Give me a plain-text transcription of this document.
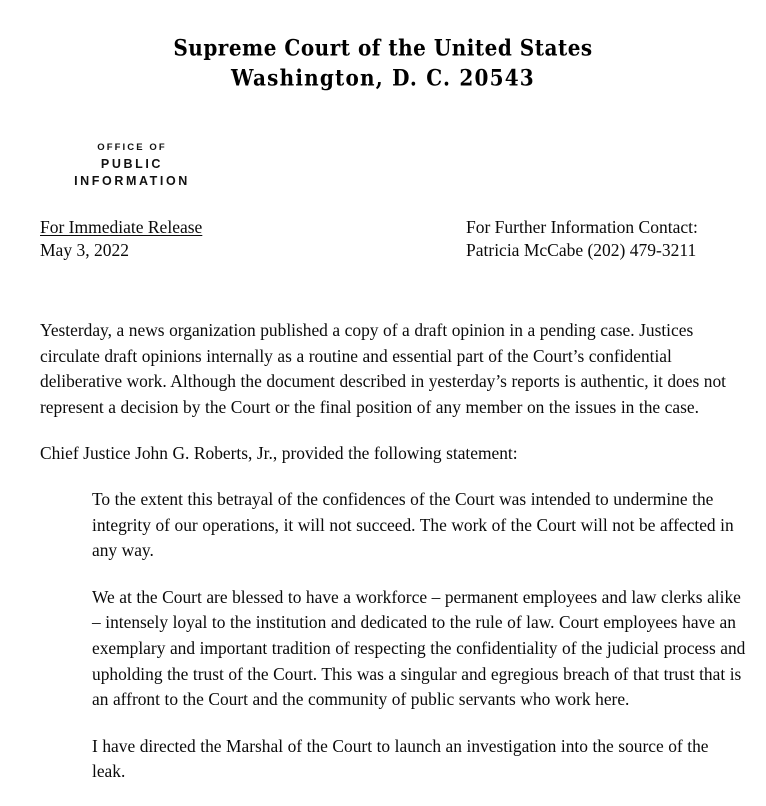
Supreme Court of the United States
Washington, D. C. 20543
OFFICE OF
PUBLIC INFORMATION
For Immediate Release
May 3, 2022
For Further Information Contact:
Patricia McCabe (202) 479-3211

Yesterday, a news organization published a copy of a draft opinion in a pending case. Justices circulate draft opinions internally as a routine and essential part of the Court’s confidential deliberative work. Although the document described in yesterday’s reports is authentic, it does not represent a decision by the Court or the final position of any member on the issues in the case.

Chief Justice John G. Roberts, Jr., provided the following statement:

To the extent this betrayal of the confidences of the Court was intended to undermine the integrity of our operations, it will not succeed. The work of the Court will not be affected in any way.

We at the Court are blessed to have a workforce – permanent employees and law clerks alike – intensely loyal to the institution and dedicated to the rule of law. Court employees have an exemplary and important tradition of respecting the confidentiality of the judicial process and upholding the trust of the Court. This was a singular and egregious breach of that trust that is an affront to the Court and the community of public servants who work here.

I have directed the Marshal of the Court to launch an investigation into the source of the leak.
